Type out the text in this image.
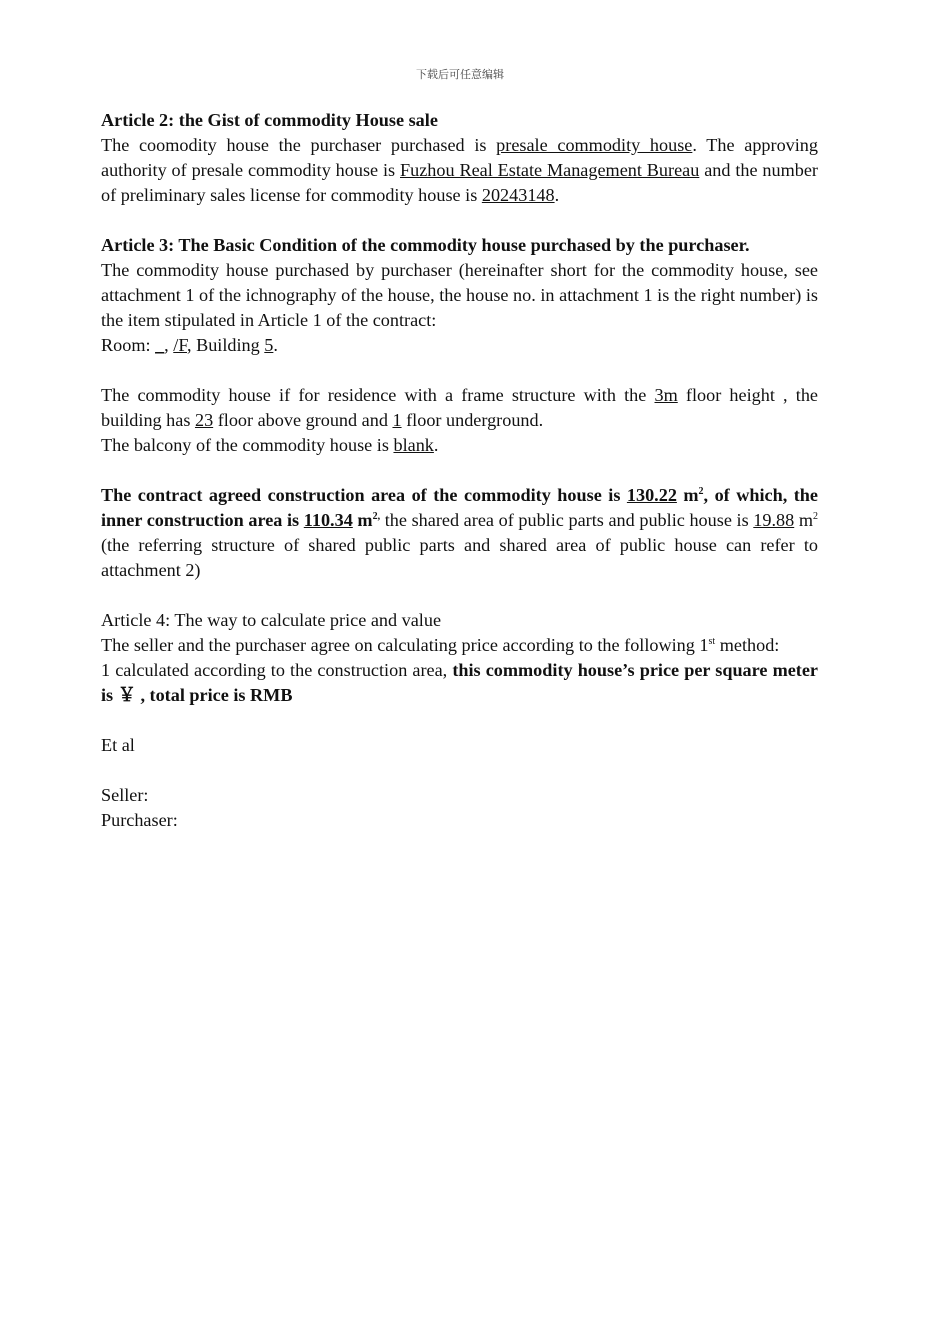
下载后可任意编辑

Article 2: the Gist of commodity House sale

The coomodity house the purchaser purchased is presale commodity house. The approving authority of presale commodity house is Fuzhou Real Estate Management Bureau and the number of preliminary sales license for commodity house is 20243148.

Article 3: The Basic Condition of the commodity house purchased by the purchaser.

The commodity house purchased by purchaser (hereinafter short for the commodity house, see attachment 1 of the ichnography of the house, the house no. in attachment 1 is the right number) is the item stipulated in Article 1 of the contract:

Room: _, /F, Building 5.

The commodity house if for residence with a frame structure with the 3m floor height , the building has 23 floor above ground and 1 floor underground.

The balcony of the commodity house is blank.

The contract agreed construction area of the commodity house is 130.22 $m^2$, of which, the inner construction area is 110.34 $m^{2,}$ the shared area of public parts and public house is 19.88 $m^2$ (the referring structure of shared public parts and shared area of public house can refer to attachment 2)

Article 4: The way to calculate price and value

The seller and the purchaser agree on calculating price according to the following 1st method:

1 calculated according to the construction area, this commodity house’s price per square meter is ￥ , total price is RMB

Et al

Seller:

Purchaser:
